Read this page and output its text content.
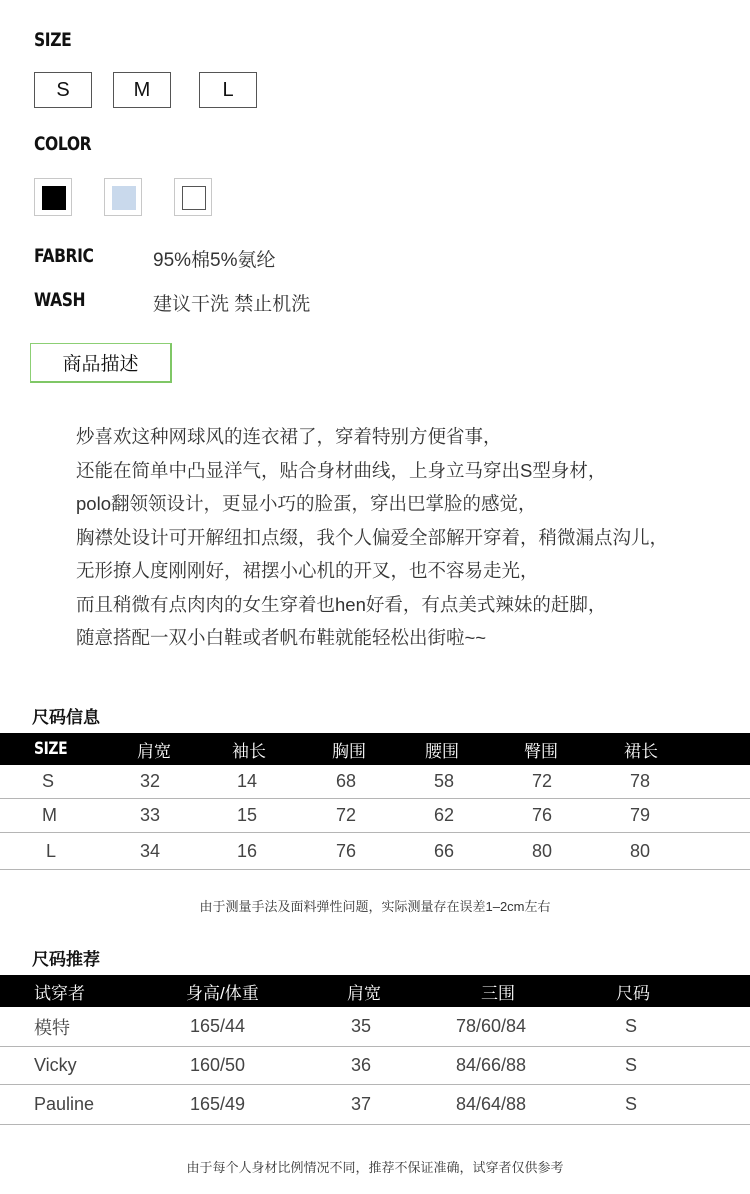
SIZE
S	M	L
COLOR
FABRIC	95%棉5%氨纶
WASH	建议干洗 禁止机洗
商品描述
炒喜欢这种网球风的连衣裙了，穿着特别方便省事，
还能在简单中凸显洋气，贴合身材曲线，上身立马穿出S型身材，
polo翻领领设计，更显小巧的脸蛋，穿出巴掌脸的感觉，
胸襟处设计可开解纽扣点缀，我个人偏爱全部解开穿着，稍微漏点沟儿，
无形撩人度刚刚好，裙摆小心机的开叉，也不容易走光，
而且稍微有点肉肉的女生穿着也hen好看，有点美式辣妹的赶脚，
随意搭配一双小白鞋或者帆布鞋就能轻松出街啦~~
尺码信息
SIZE	肩宽	袖长	胸围	腰围	臀围	裙长
S	32	14	68	58	72	78
M	33	15	72	62	76	79
L	34	16	76	66	80	80
由于测量手法及面料弹性问题，实际测量存在误差1–2cm左右
尺码推荐
试穿者	身高/体重	肩宽	三围	尺码
模特	165/44	35	78/60/84	S
Vicky	160/50	36	84/66/88	S
Pauline	165/49	37	84/64/88	S
由于每个人身材比例情况不同，推荐不保证准确，试穿者仅供参考
